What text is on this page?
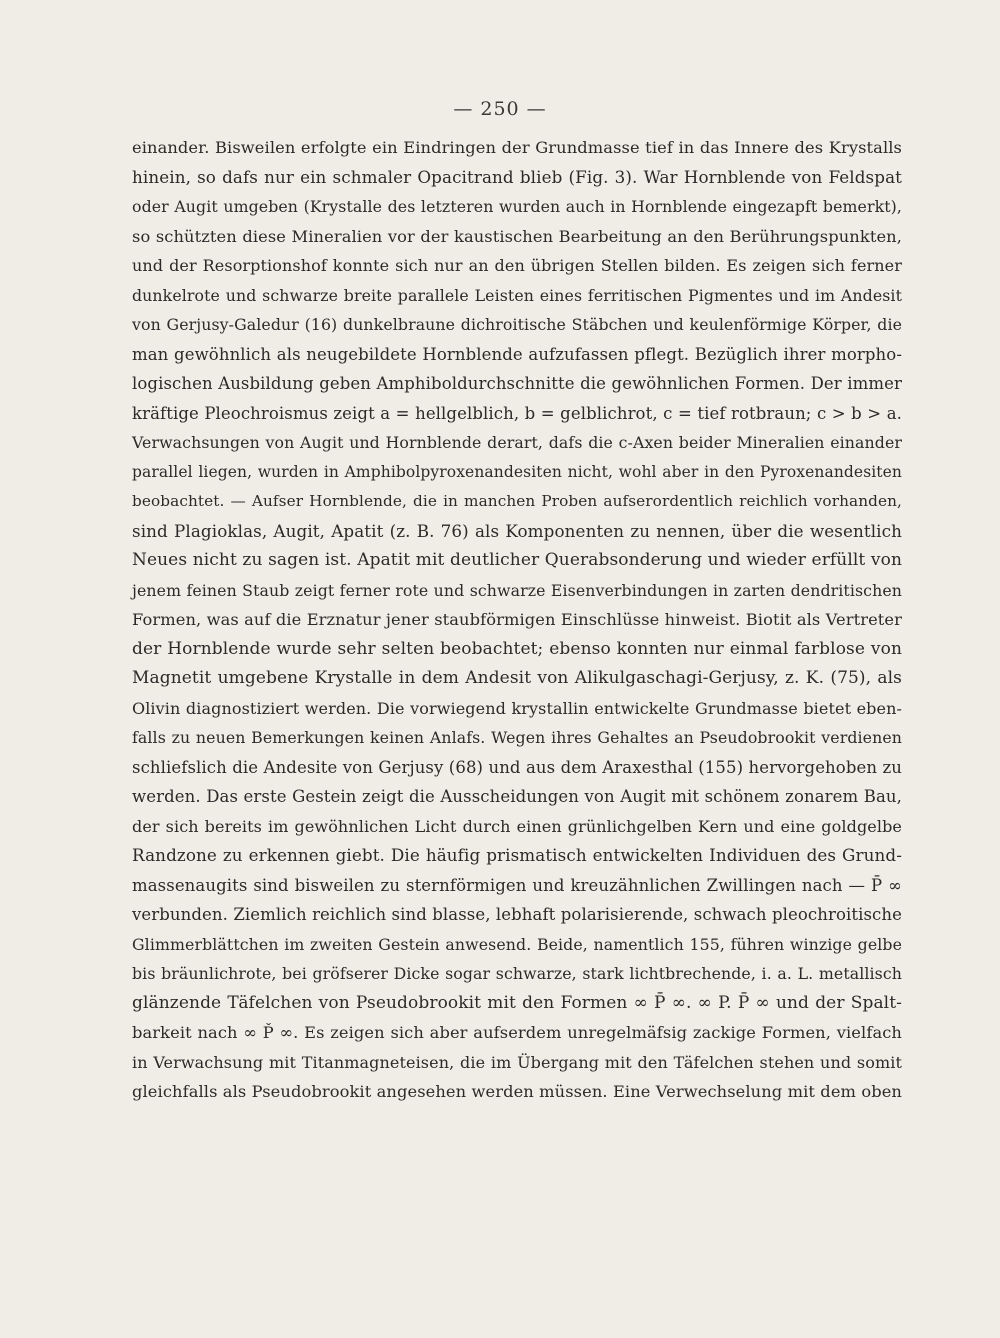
— 250 —
einander. Bisweilen erfolgte ein Eindringen der Grundmasse tief in das Innere des Krystalls
hinein, so dafs nur ein schmaler Opacitrand blieb (Fig. 3). War Hornblende von Feldspat
oder Augit umgeben (Krystalle des letzteren wurden auch in Hornblende eingezapft bemerkt),
so schützten diese Mineralien vor der kaustischen Bearbeitung an den Berührungspunkten,
und der Resorptionshof konnte sich nur an den übrigen Stellen bilden. Es zeigen sich ferner
dunkelrote und schwarze breite parallele Leisten eines ferritischen Pigmentes und im Andesit
von Gerjusy-Galedur (16) dunkelbraune dichroitische Stäbchen und keulenförmige Körper, die
man gewöhnlich als neugebildete Hornblende aufzufassen pflegt. Bezüglich ihrer morpho-
logischen Ausbildung geben Amphiboldurchschnitte die gewöhnlichen Formen. Der immer
kräftige Pleochroismus zeigt a = hellgelblich, b = gelblichrot, c = tief rotbraun; c > b > a.
Verwachsungen von Augit und Hornblende derart, dafs die c-Axen beider Mineralien einander
parallel liegen, wurden in Amphibolpyroxenandesiten nicht, wohl aber in den Pyroxenandesiten
beobachtet. — Aufser Hornblende, die in manchen Proben aufserordentlich reichlich vorhanden,
sind Plagioklas, Augit, Apatit (z. B. 76) als Komponenten zu nennen, über die wesentlich
Neues nicht zu sagen ist. Apatit mit deutlicher Querabsonderung und wieder erfüllt von
jenem feinen Staub zeigt ferner rote und schwarze Eisenverbindungen in zarten dendritischen
Formen, was auf die Erznatur jener staubförmigen Einschlüsse hinweist. Biotit als Vertreter
der Hornblende wurde sehr selten beobachtet; ebenso konnten nur einmal farblose von
Magnetit umgebene Krystalle in dem Andesit von Alikulgaschagi-Gerjusy, z. K. (75), als
Olivin diagnostiziert werden. Die vorwiegend krystallin entwickelte Grundmasse bietet eben-
falls zu neuen Bemerkungen keinen Anlafs. Wegen ihres Gehaltes an Pseudobrookit verdienen
schliefslich die Andesite von Gerjusy (68) und aus dem Araxesthal (155) hervorgehoben zu
werden. Das erste Gestein zeigt die Ausscheidungen von Augit mit schönem zonarem Bau,
der sich bereits im gewöhnlichen Licht durch einen grünlichgelben Kern und eine goldgelbe
Randzone zu erkennen giebt. Die häufig prismatisch entwickelten Individuen des Grund-
massenaugits sind bisweilen zu sternförmigen und kreuzähnlichen Zwillingen nach — P̄ ∞
verbunden. Ziemlich reichlich sind blasse, lebhaft polarisierende, schwach pleochroitische
Glimmerblättchen im zweiten Gestein anwesend. Beide, namentlich 155, führen winzige gelbe
bis bräunlichrote, bei gröfserer Dicke sogar schwarze, stark lichtbrechende, i. a. L. metallisch
glänzende Täfelchen von Pseudobrookit mit den Formen ∞ P̄ ∞. ∞ P. P̄ ∞ und der Spalt-
barkeit nach ∞ P̌ ∞. Es zeigen sich aber aufserdem unregelmäfsig zackige Formen, vielfach
in Verwachsung mit Titanmagneteisen, die im Übergang mit den Täfelchen stehen und somit
gleichfalls als Pseudobrookit angesehen werden müssen. Eine Verwechselung mit dem oben
